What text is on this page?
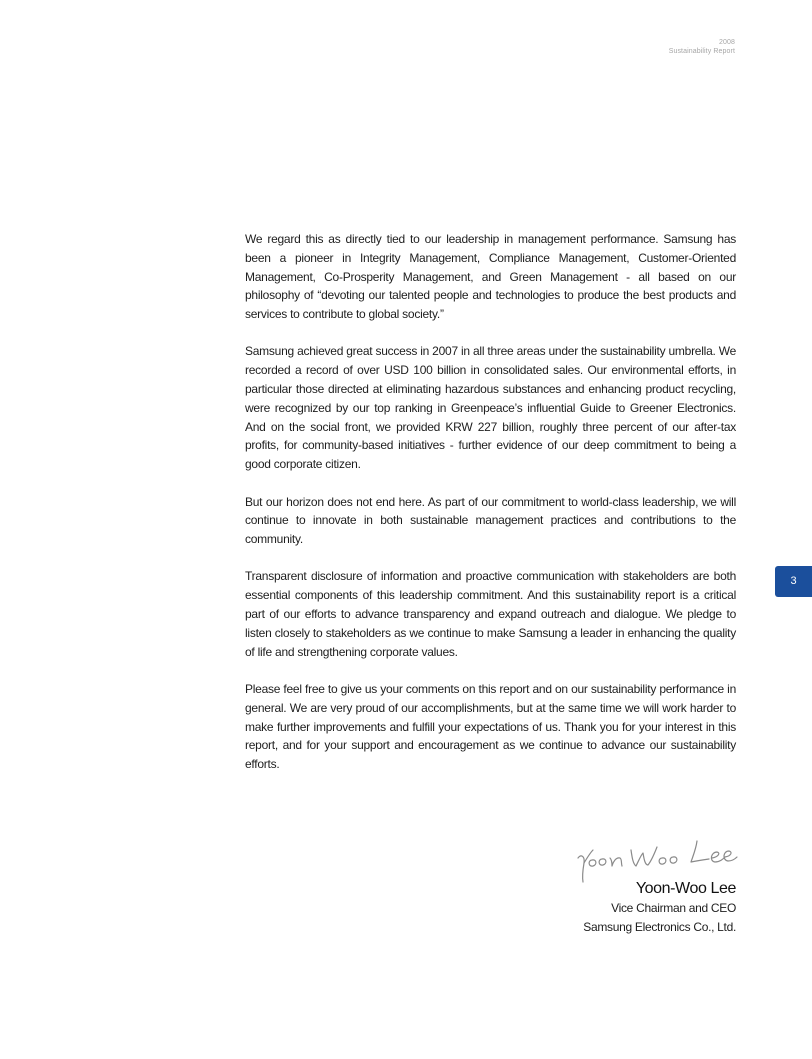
2008
Sustainability Report

We regard this as directly tied to our leadership in management performance. Samsung has been a pioneer in Integrity Management, Compliance Management, Customer-Oriented Management, Co-Prosperity Management, and Green Management - all based on our philosophy of “devoting our talented people and technologies to produce the best products and services to contribute to global society.”

Samsung achieved great success in 2007 in all three areas under the sustainability umbrella. We recorded a record of over USD 100 billion in consolidated sales. Our environmental efforts, in particular those directed at eliminating hazardous substances and enhancing product recycling, were recognized by our top ranking in Greenpeace’s influential Guide to Greener Electronics. And on the social front, we provided KRW 227 billion, roughly three percent of our after-tax profits, for community-based initiatives - further evidence of our deep commitment to being a good corporate citizen.

But our horizon does not end here. As part of our commitment to world-class leadership, we will continue to innovate in both sustainable management practices and contributions to the community.

Transparent disclosure of information and proactive communication with stakeholders are both essential components of this leadership commitment. And this sustainability report is a critical part of our efforts to advance transparency and expand outreach and dialogue. We pledge to listen closely to stakeholders as we continue to make Samsung a leader in enhancing the quality of life and strengthening corporate values.

Please feel free to give us your comments on this report and on our sustainability performance in general. We are very proud of our accomplishments, but at the same time we will work harder to make further improvements and fulfill your expectations of us. Thank you for your interest in this report, and for your support and encouragement as we continue to advance our sustainability efforts.

3
Yoon-Woo Lee
Vice Chairman and CEO
Samsung Electronics Co., Ltd.
